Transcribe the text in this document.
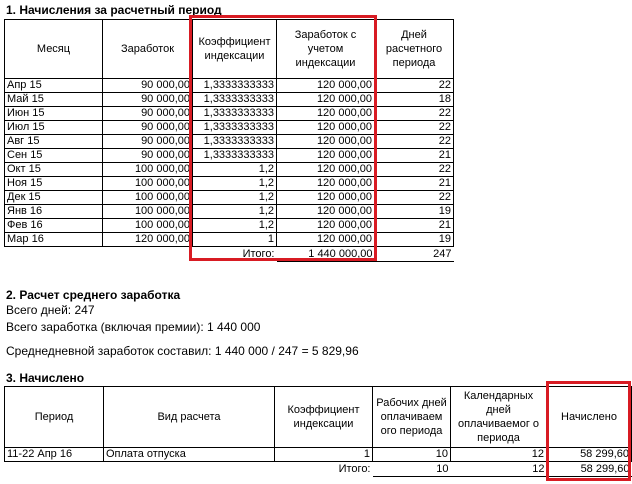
1. Начисления за расчетный период
Месяц	Заработок	Коэффициент индексации	Заработок с учетом индексации	Дней расчетного периода
Апр 15	90 000,00	1,3333333333	120 000,00	22
Май 15	90 000,00	1,3333333333	120 000,00	18
Июн 15	90 000,00	1,3333333333	120 000,00	22
Июл 15	90 000,00	1,3333333333	120 000,00	22
Авг 15	90 000,00	1,3333333333	120 000,00	22
Сен 15	90 000,00	1,3333333333	120 000,00	21
Окт 15	100 000,00	1,2	120 000,00	22
Ноя 15	100 000,00	1,2	120 000,00	21
Дек 15	100 000,00	1,2	120 000,00	22
Янв 16	100 000,00	1,2	120 000,00	19
Фев 16	100 000,00	1,2	120 000,00	21
Мар 16	120 000,00	1	120 000,00	19
		Итого:	1 440 000,00	247
2. Расчет среднего заработка
Всего дней: 247
Всего заработка (включая премии): 1 440 000
Среднедневной заработок составил: 1 440 000 / 247 = 5 829,96
3. Начислено
Период	Вид расчета	Коэффициент индексации	Рабочих дней оплачиваем ого периода	Календарных дней оплачиваемог о периода	Начислено
11-22 Апр 16	Оплата отпуска	1	10	12	58 299,60
		Итого:	10	12	58 299,60
